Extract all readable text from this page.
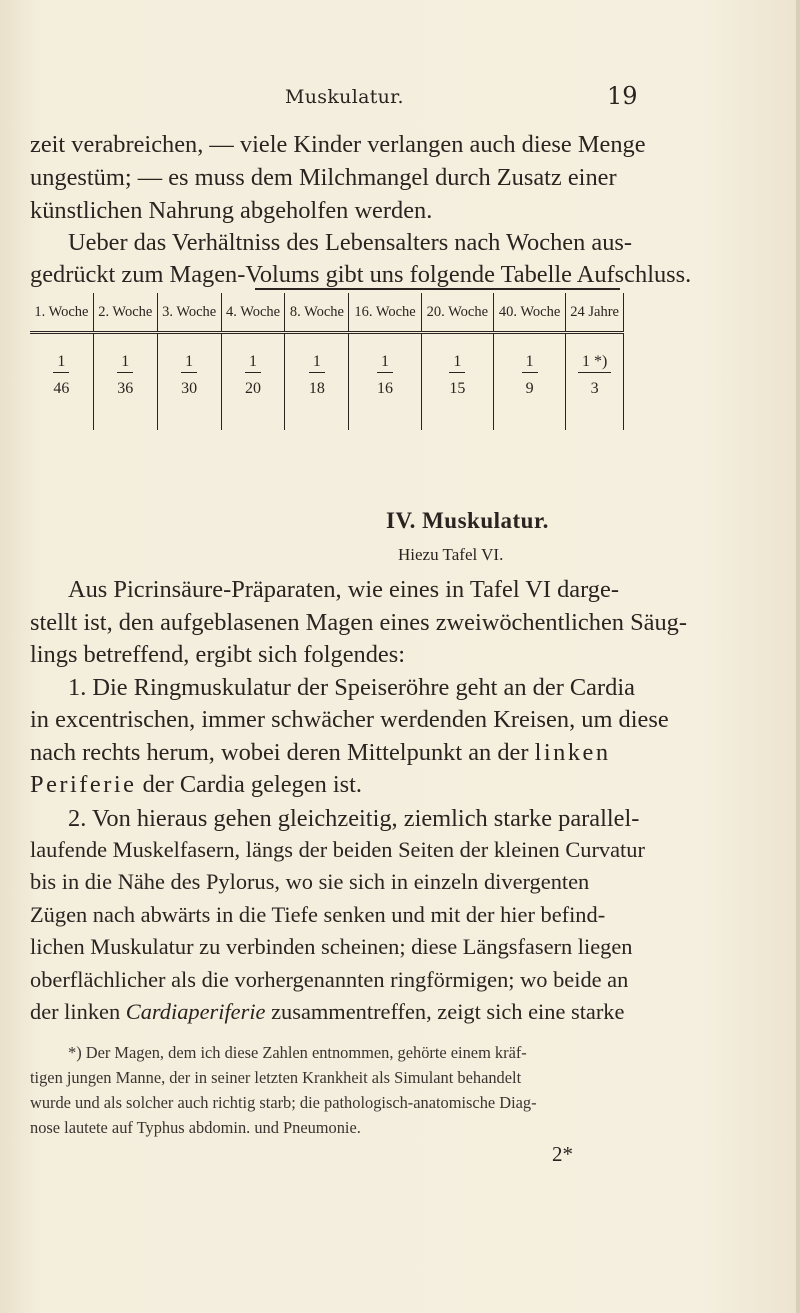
Muskulatur.	19

zeit verabreichen, — viele Kinder verlangen auch diese Menge

ungestüm; — es muss dem Milchmangel durch Zusatz einer

künstlichen Nahrung abgeholfen werden.

Ueber das Verhältniss des Lebensalters nach Wochen aus-

gedrückt zum Magen-Volums gibt uns folgende Tabelle Aufschluss.

1. Woche	2. Woche	3. Woche	4. Woche	8. Woche	16. Woche	20. Woche	40. Woche	24 Jahre

$\frac{1}{46}$	$\frac{1}{36}$	$\frac{1}{30}$	$\frac{1}{20}$	$\frac{1}{18}$	$\frac{1}{16}$	$\frac{1}{15}$	$\frac{1}{9}$	$\frac{1 *)}{3}$
IV. Muskulatur.
Hiezu Tafel VI.

Aus Picrinsäure-Präparaten, wie eines in Tafel VI darge-

stellt ist, den aufgeblasenen Magen eines zweiwöchentlichen Säug-

lings betreffend, ergibt sich folgendes:

1. Die Ringmuskulatur der Speiseröhre geht an der Cardia

in excentrischen, immer schwächer werdenden Kreisen, um diese

nach rechts herum, wobei deren Mittelpunkt an der linken

Periferie der Cardia gelegen ist.

2. Von hieraus gehen gleichzeitig, ziemlich starke parallel-

laufende Muskelfasern, längs der beiden Seiten der kleinen Curvatur

bis in die Nähe des Pylorus, wo sie sich in einzeln divergenten

Zügen nach abwärts in die Tiefe senken und mit der hier befind-

lichen Muskulatur zu verbinden scheinen; diese Längsfasern liegen

oberflächlicher als die vorhergenannten ringförmigen; wo beide an

der linken Cardiaperiferie zusammentreffen, zeigt sich eine starke

*) Der Magen, dem ich diese Zahlen entnommen, gehörte einem kräf-

tigen jungen Manne, der in seiner letzten Krankheit als Simulant behandelt

wurde und als solcher auch richtig starb; die pathologisch-anatomische Diag-

nose lautete auf Typhus abdomin. und Pneumonie.

2*
